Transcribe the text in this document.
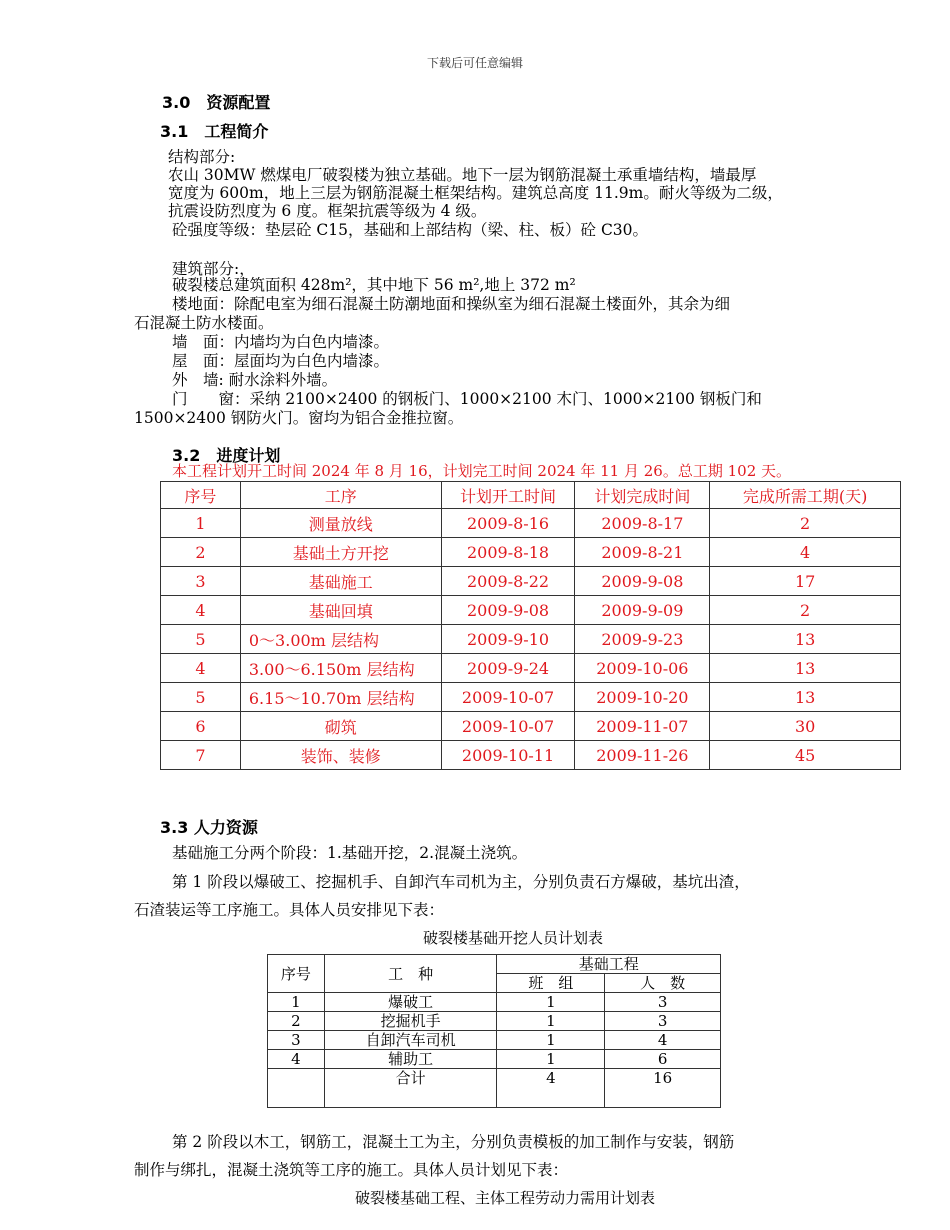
下载后可任意编辑
3.0　资源配置
3.1　工程简介
结构部分:
农山 30MW 燃煤电厂破裂楼为独立基础。地下一层为钢筋混凝土承重墙结构，墙最厚
宽度为 600m，地上三层为钢筋混凝土框架结构。建筑总高度 11.9m。耐火等级为二级，
抗震设防烈度为 6 度。框架抗震等级为 4 级。
砼强度等级：垫层砼 C15，基础和上部结构（梁、柱、板）砼 C30。
建筑部分:，
破裂楼总建筑面积 428m²，其中地下 56 m²,地上 372 m²
楼地面：除配电室为细石混凝土防潮地面和操纵室为细石混凝土楼面外，其余为细
石混凝土防水楼面。
墙　面：内墙均为白色内墙漆。
屋　面：屋面均为白色内墙漆。
外　墙: 耐水涂料外墙。
门　　窗：采纳 2100×2400 的钢板门、1000×2100 木门、1000×2100 钢板门和
1500×2400 钢防火门。窗均为铝合金推拉窗。
3.2　进度计划
本工程计划开工时间 2024 年 8 月 16，计划完工时间 2024 年 11 月 26。总工期 102 天。
序号	工序	计划开工时间	计划完成时间	完成所需工期(天)
1	测量放线	2009-8-16	2009-8-17	2
2	基础土方开挖	2009-8-18	2009-8-21	4
3	基础施工	2009-8-22	2009-9-08	17
4	基础回填	2009-9-08	2009-9-09	2
5	0～3.00m 层结构	2009-9-10	2009-9-23	13
4	3.00～6.150m 层结构	2009-9-24	2009-10-06	13
5	6.15～10.70m 层结构	2009-10-07	2009-10-20	13
6	砌筑	2009-10-07	2009-11-07	30
7	装饰、装修	2009-10-11	2009-11-26	45
3.3 人力资源
基础施工分两个阶段：1.基础开挖，2.混凝土浇筑。
第 1 阶段以爆破工、挖掘机手、自卸汽车司机为主，分别负责石方爆破，基坑出渣，
石渣装运等工序施工。具体人员安排见下表：
破裂楼基础开挖人员计划表
序号	工　种	基础工程	
		班　组	人　数
1	爆破工	1	3
2	挖掘机手	1	3
3	自卸汽车司机	1	4
4	辅助工	1	6
	合计	4	16
第 2 阶段以木工，钢筋工，混凝土工为主，分别负责模板的加工制作与安装，钢筋
制作与绑扎，混凝土浇筑等工序的施工。具体人员计划见下表：
破裂楼基础工程、主体工程劳动力需用计划表
